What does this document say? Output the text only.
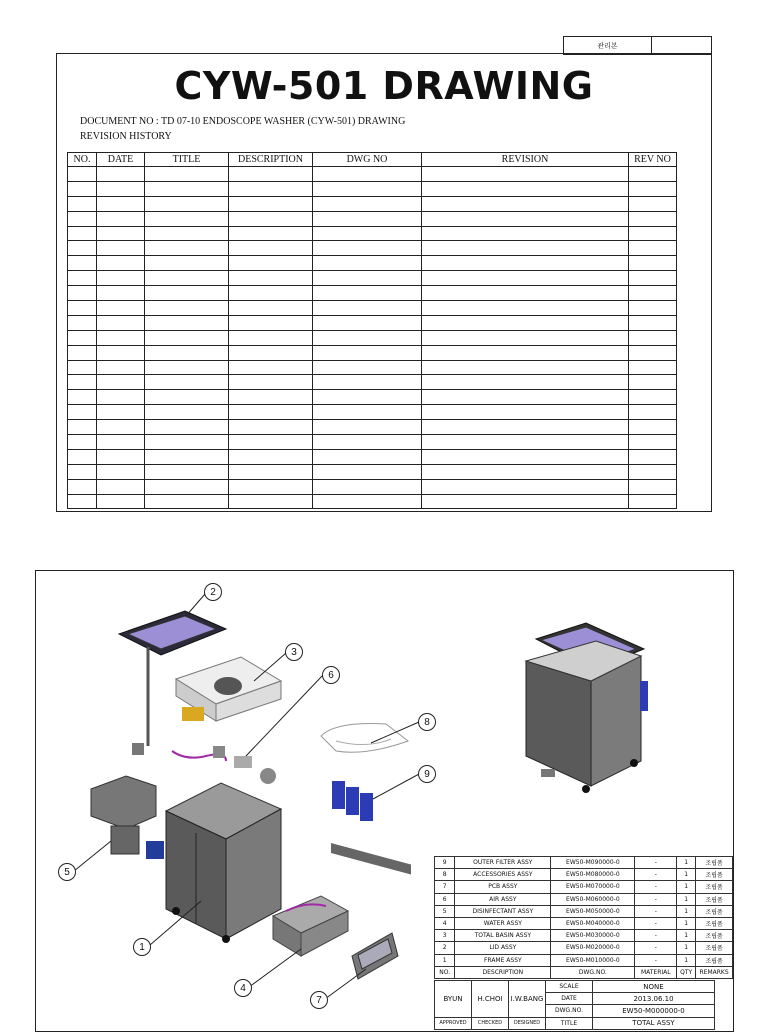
관리본
CYW-501 DRAWING
DOCUMENT NO : TD 07-10 ENDOSCOPE WASHER (CYW-501) DRAWING
REVISION HISTORY
NO.	DATE	TITLE	DESCRIPTION	DWG NO	REVISION	REV NO

2
3
6
8
9
5
1
4
7
9	OUTER FILTER ASSY	EW50-M090000-0	-	1	조립품
8	ACCESSORIES ASSY	EW50-M080000-0	-	1	조립품
7	PCB ASSY	EW50-M070000-0	-	1	조립품
6	AIR ASSY	EW50-M060000-0	-	1	조립품
5	DISINFECTANT ASSY	EW50-M050000-0	-	1	조립품
4	WATER ASSY	EW50-M040000-0	-	1	조립품
3	TOTAL BASIN ASSY	EW50-M030000-0	-	1	조립품
2	LID ASSY	EW50-M020000-0	-	1	조립품
1	FRAME ASSY	EW50-M010000-0	-	1	조립품
NO.	DESCRIPTION	DWG.NO.	MATERIAL	QTY	REMARKS
BYUN	H.CHOI	I.W.BANG	SCALE	NONE
			DATE	2013.06.10
			DWG.NO.	EW50-M000000-0
APPROVED	CHECKED	DESIGNED	TITLE	TOTAL ASSY
